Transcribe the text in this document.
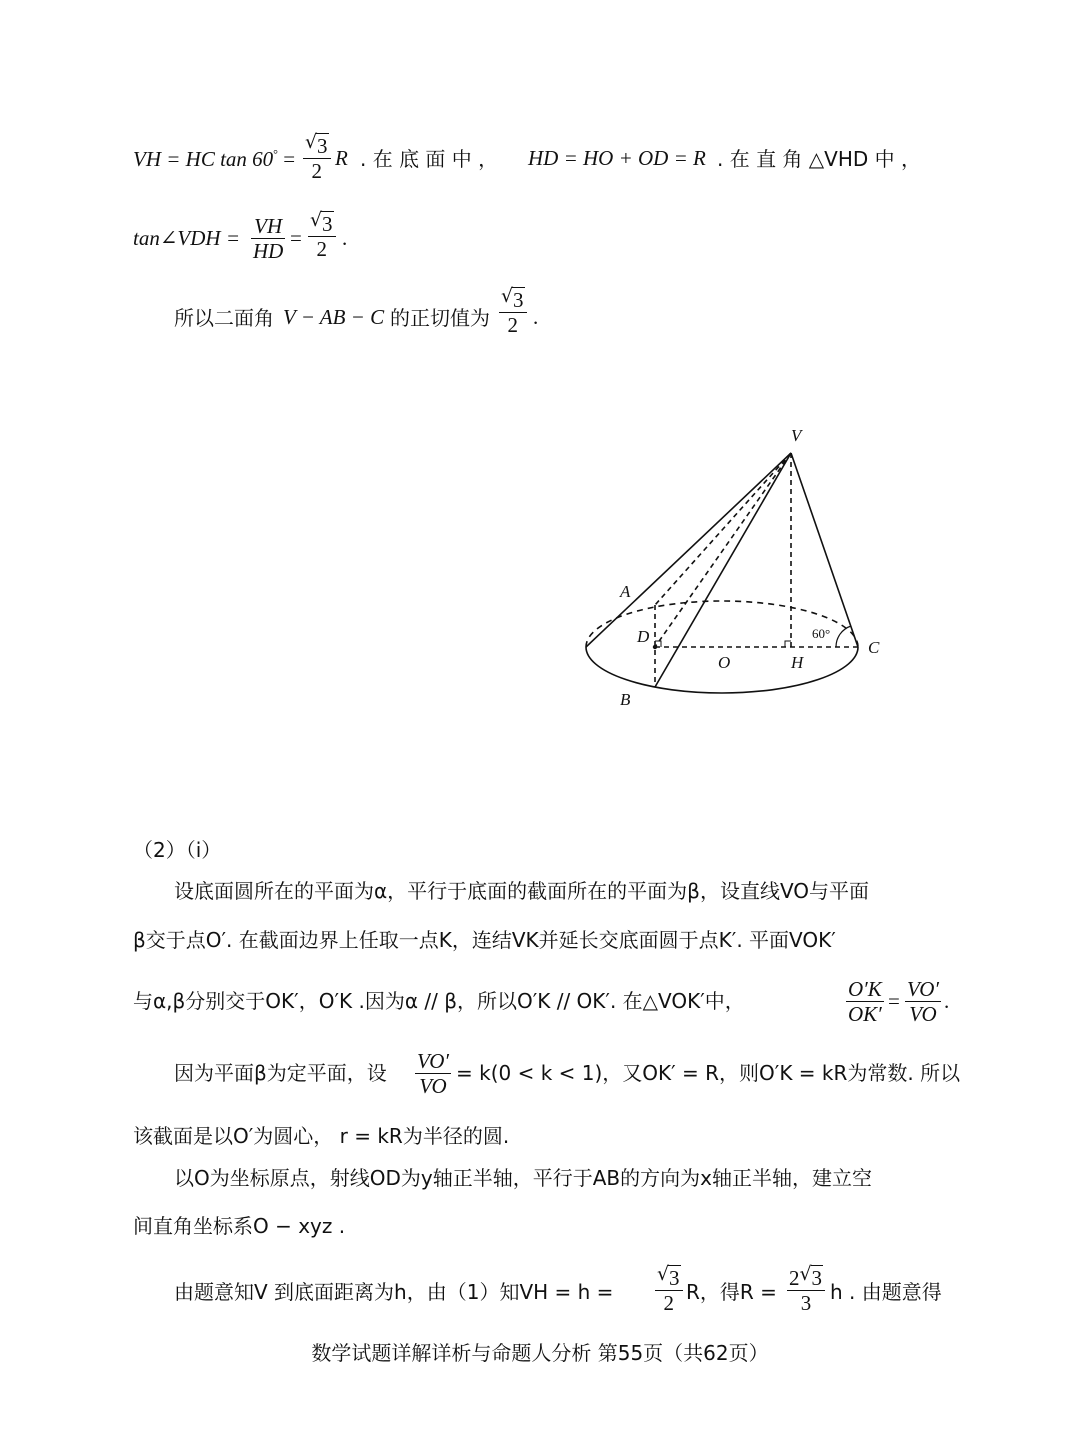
VH = HC tan 60° = √ $\frac{3}{2}$ R . 在 底 面 中 ， HD = HO + OD = R . 在 直 角 △VHD 中 ，
tan∠VDH = $\frac{VH}{HD}$ = √ $\frac{3}{2}$ .
所以二面角 V − AB − C 的正切值为 √ $\frac{3}{2}$ .
V
A
B
C
D
O	H
60°
（2）（i）
设底面圆所在的平面为α，平行于底面的截面所在的平面为β，设直线VO与平面
β交于点O′. 在截面边界上任取一点K，连结VK并延长交底面圆于点K′. 平面VOK′
与α,β分别交于OK′，O′K .因为α // β，所以O′K // OK′. 在△VOK′中，	$\frac{O'K}{OK'} = \frac{VO'}{VO}$ .
因为平面β为定平面，设 $\frac{VO'}{VO} = k(0 < k < 1)$，又OK′ = R，则O′K = kR为常数. 所以
该截面是以O′为圆心， r = kR为半径的圆.
以O为坐标原点，射线OD为y轴正半轴，平行于AB的方向为x轴正半轴，建立空
间直角坐标系O − xyz .
由题意知V 到底面距离为h，由（1）知VH = h = √ $\frac{3}{2}$ R，得$R = \frac{2 √ 3}{3}$ h . 由题意得
数学试题详解详析与命题人分析 第55页（共62页）
